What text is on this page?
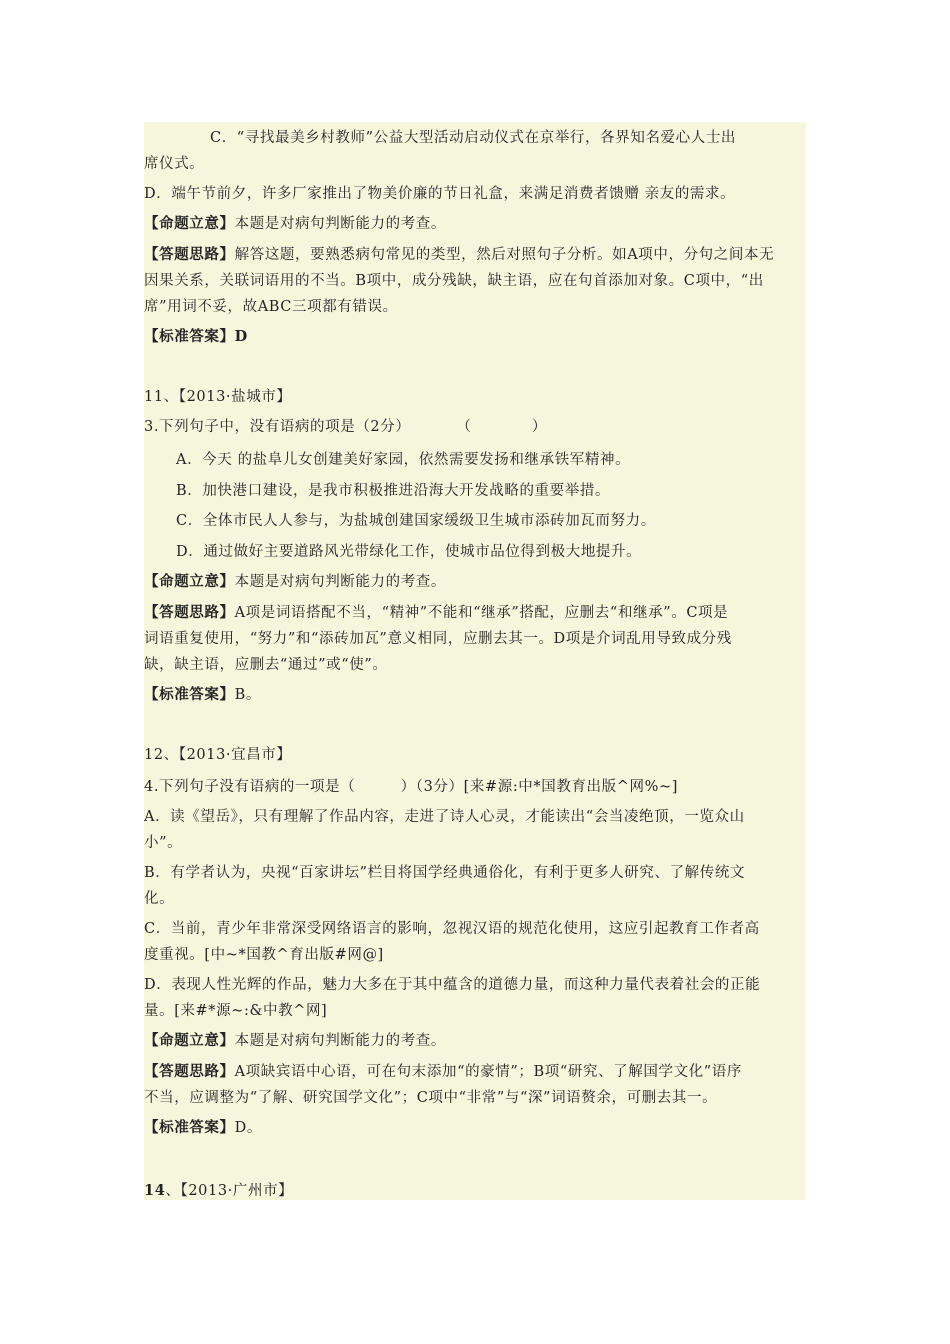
C．“寻找最美乡村教师”公益大型活动启动仪式在京举行，各界知名爱心人士出
席仪式。
D．端午节前夕，许多厂家推出了物美价廉的节日礼盒，来满足消费者馈赠 亲友的需求。
【命题立意】本题是对病句判断能力的考查。
【答题思路】解答这题，要熟悉病句常见的类型，然后对照句子分析。如A项中，分句之间本无
因果关系，关联词语用的不当。B项中，成分残缺，缺主语，应在句首添加对象。C项中，“出
席”用词不妥，故ABC三项都有错误。
【标准答案】D
11、【2013·盐城市】
3.下列句子中，没有语病的项是（2分）　　　　（　　　　）
A．今天 的盐阜儿女创建美好家园，依然需要发扬和继承铁军精神。
B．加快港口建设，是我市积极推进沿海大开发战略的重要举措。
C．全体市民人人参与，为盐城创建国家缓级卫生城市添砖加瓦而努力。
D．通过做好主要道路风光带绿化工作，使城市品位得到极大地提升。
【命题立意】本题是对病句判断能力的考查。
【答题思路】A项是词语搭配不当，“精神”不能和“继承”搭配，应删去“和继承”。C项是
词语重复使用，“努力”和“添砖加瓦”意义相同，应删去其一。D项是介词乱用导致成分残
缺，缺主语，应删去“通过”或“使”。
【标准答案】B。
12、【2013·宜昌市】
4.下列句子没有语病的一项是（　　　）（3分）[来#源:中*国教育出版^网%~]
A．读《望岳》，只有理解了作品内容，走进了诗人心灵，才能读出“会当凌绝顶，一览众山
小”。
B．有学者认为，央视“百家讲坛”栏目将国学经典通俗化，有利于更多人研究、了解传统文
化。
C．当前，青少年非常深受网络语言的影响，忽视汉语的规范化使用，这应引起教育工作者高
度重视。[中~*国教^育出版#网@]
D．表现人性光辉的作品，魅力大多在于其中蕴含的道德力量，而这种力量代表着社会的正能
量。[来#*源~:&中教^网]
【命题立意】本题是对病句判断能力的考查。
【答题思路】A项缺宾语中心语，可在句末添加“的豪情”；B项“研究、了解国学文化”语序
不当，应调整为“了解、研究国学文化”；C项中“非常”与“深”词语赘余，可删去其一。
【标准答案】D。
14、【2013·广州市】
